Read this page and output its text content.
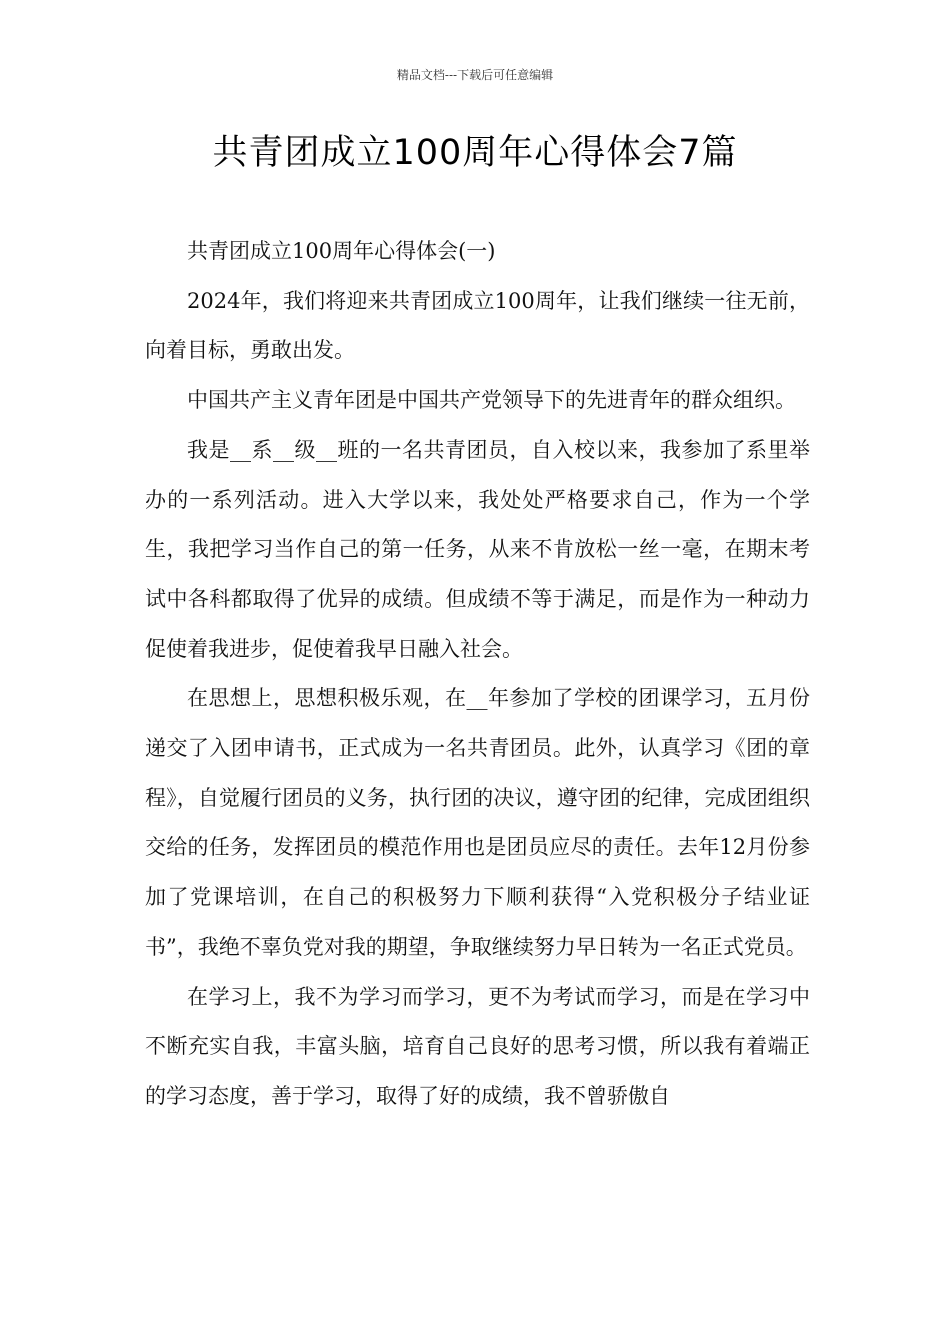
精品文档---下载后可任意编辑
共青团成立100周年心得体会7篇

共青团成立100周年心得体会(一)

2024年，我们将迎来共青团成立100周年，让我们继续一往无前，向着目标，勇敢出发。

中国共产主义青年团是中国共产党领导下的先进青年的群众组织。

我是__系__级__班的一名共青团员，自入校以来，我参加了系里举办的一系列活动。进入大学以来，我处处严格要求自己，作为一个学生，我把学习当作自己的第一任务，从来不肯放松一丝一毫，在期末考试中各科都取得了优异的成绩。但成绩不等于满足，而是作为一种动力促使着我进步，促使着我早日融入社会。

在思想上，思想积极乐观，在__年参加了学校的团课学习，五月份递交了入团申请书，正式成为一名共青团员。此外，认真学习《团的章程》，自觉履行团员的义务，执行团的决议，遵守团的纪律，完成团组织交给的任务，发挥团员的模范作用也是团员应尽的责任。去年12月份参加了党课培训，在自己的积极努力下顺利获得“入党积极分子结业证书”，我绝不辜负党对我的期望，争取继续努力早日转为一名正式党员。

在学习上，我不为学习而学习，更不为考试而学习，而是在学习中不断充实自我，丰富头脑，培育自己良好的思考习惯，所以我有着端正的学习态度，善于学习，取得了好的成绩，我不曾骄傲自
